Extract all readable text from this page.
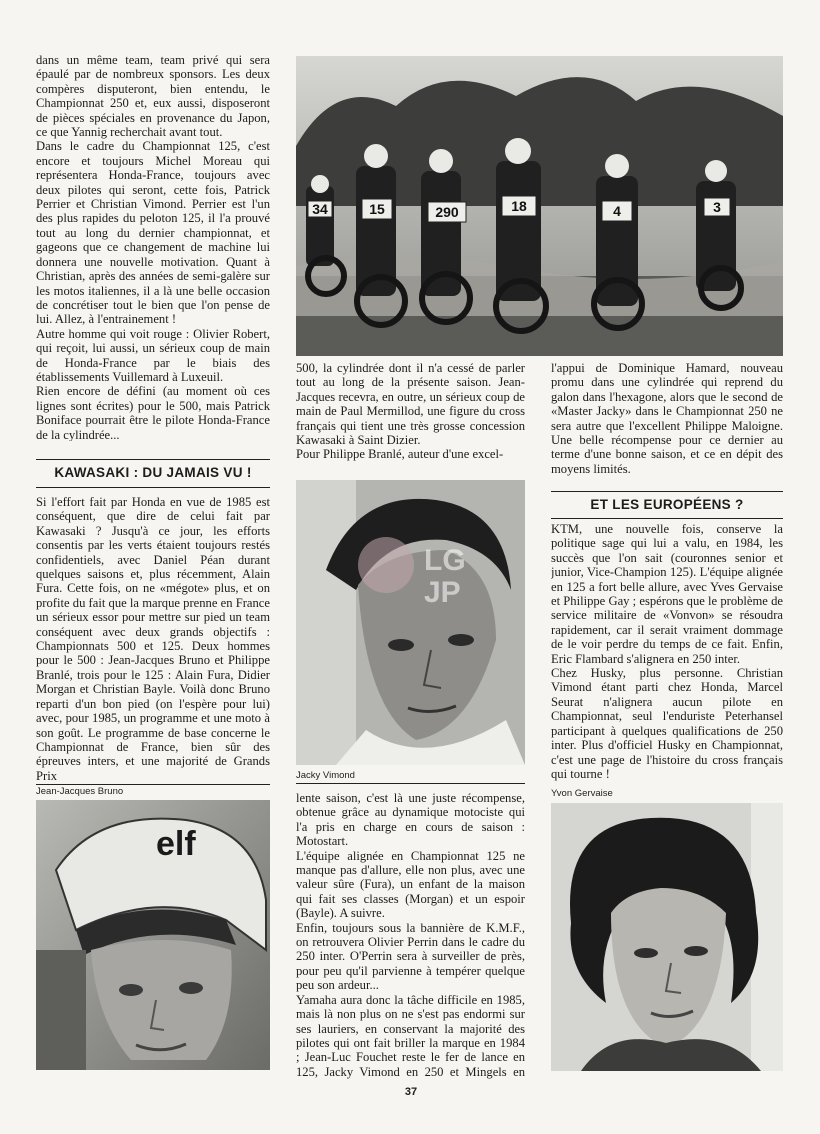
dans un même team, team privé qui sera épaulé par de nombreux sponsors. Les deux compères disputeront, bien entendu, le Championnat 250 et, eux aussi, disposeront de pièces spéciales en provenance du Japon, ce que Yannig recherchait avant tout.
Dans le cadre du Championnat 125, c'est encore et toujours Michel Moreau qui représentera Honda-France, toujours avec deux pilotes qui seront, cette fois, Patrick Perrier et Christian Vimond. Perrier est l'un des plus rapides du peloton 125, il l'a prouvé tout au long du dernier championnat, et gageons que ce changement de machine lui donnera une nouvelle motivation. Quant à Christian, après des années de semi-galère sur les motos italiennes, il a là une belle occasion de concrétiser tout le bien que l'on pense de lui. Allez, à l'entrainement !
Autre homme qui voit rouge : Olivier Robert, qui reçoit, lui aussi, un sérieux coup de main de Honda-France par le biais des établissements Vuillemard à Luxeuil.
Rien encore de défini (au moment où ces lignes sont écrites) pour le 500, mais Patrick Boniface pourrait être le pilote Honda-France de la cylindrée...

KAWASAKI : DU JAMAIS VU !

Si l'effort fait par Honda en vue de 1985 est conséquent, que dire de celui fait par Kawasaki ? Jusqu'à ce jour, les efforts consentis par les verts étaient toujours restés confidentiels, avec Daniel Péan durant quelques saisons et, plus récemment, Alain Fura. Cette fois, on ne «mégote» plus, et on profite du fait que la marque prenne en France un sérieux essor pour mettre sur pied un team conséquent avec deux grands objectifs : Championnats 500 et 125. Deux hommes pour le 500 : Jean-Jacques Bruno et Philippe Branlé, trois pour le 125 : Alain Fura, Didier Morgan et Christian Bayle. Voilà donc Bruno reparti d'un bon pied (on l'espère pour lui) avec, pour 1985, un programme et une moto à son goût. Le programme de base concerne le Championnat de France, bien sûr des épreuves inters, et une majorité de Grands Prix

Jean-Jacques Bruno
elf
34	15	290	18	4	3

500, la cylindrée dont il n'a cessé de parler tout au long de la présente saison. Jean-Jacques recevra, en outre, un sérieux coup de main de Paul Mermillod, une figure du cross français qui tient une très grosse concession Kawasaki à Saint Dizier.
Pour Philippe Branlé, auteur d'une excel-

LG
JP
Jacky Vimond

lente saison, c'est là une juste récompense, obtenue grâce au dynamique motociste qui l'a pris en charge en cours de saison : Motostart.
L'équipe alignée en Championnat 125 ne manque pas d'allure, elle non plus, avec une valeur sûre (Fura), un enfant de la maison qui fait ses classes (Morgan) et un espoir (Bayle). A suivre.
Enfin, toujours sous la bannière de K.M.F., on retrouvera Olivier Perrin dans le cadre du 250 inter. O'Perrin sera à surveiller de près, pour peu qu'il parvienne à tempérer quelque peu son ardeur...
Yamaha aura donc la tâche difficile en 1985, mais là non plus on ne s'est pas endormi sur ses lauriers, en conservant la majorité des pilotes qui ont fait briller la marque en 1984 ; Jean-Luc Fouchet reste le fer de lance en 125, Jacky Vimond en 250 et Mingels en

l'appui de Dominique Hamard, nouveau promu dans une cylindrée qui reprend du galon dans l'hexagone, alors que le second de «Master Jacky» dans le Championnat 250 ne sera autre que l'excellent Philippe Maloigne. Une belle récompense pour ce dernier au terme d'une bonne saison, et ce en dépit des moyens limités.

ET LES EUROPÉENS ?

KTM, une nouvelle fois, conserve la politique sage qui lui a valu, en 1984, les succès que l'on sait (couronnes senior et junior, Vice-Champion 125). L'équipe alignée en 125 a fort belle allure, avec Yves Gervaise et Philippe Gay ; espérons que le problème de service militaire de «Vonvon» se résoudra rapidement, car il serait vraiment dommage de le voir perdre du temps de ce fait. Enfin, Eric Flambard s'alignera en 250 inter.
Chez Husky, plus personne. Christian Vimond étant parti chez Honda, Marcel Seurat n'alignera aucun pilote en Championnat, seul l'enduriste Peterhansel participant à quelques qualifications de 250 inter. Plus d'officiel Husky en Championnat, c'est une page de l'histoire du cross français qui tourne !

Yvon Gervaise
37
